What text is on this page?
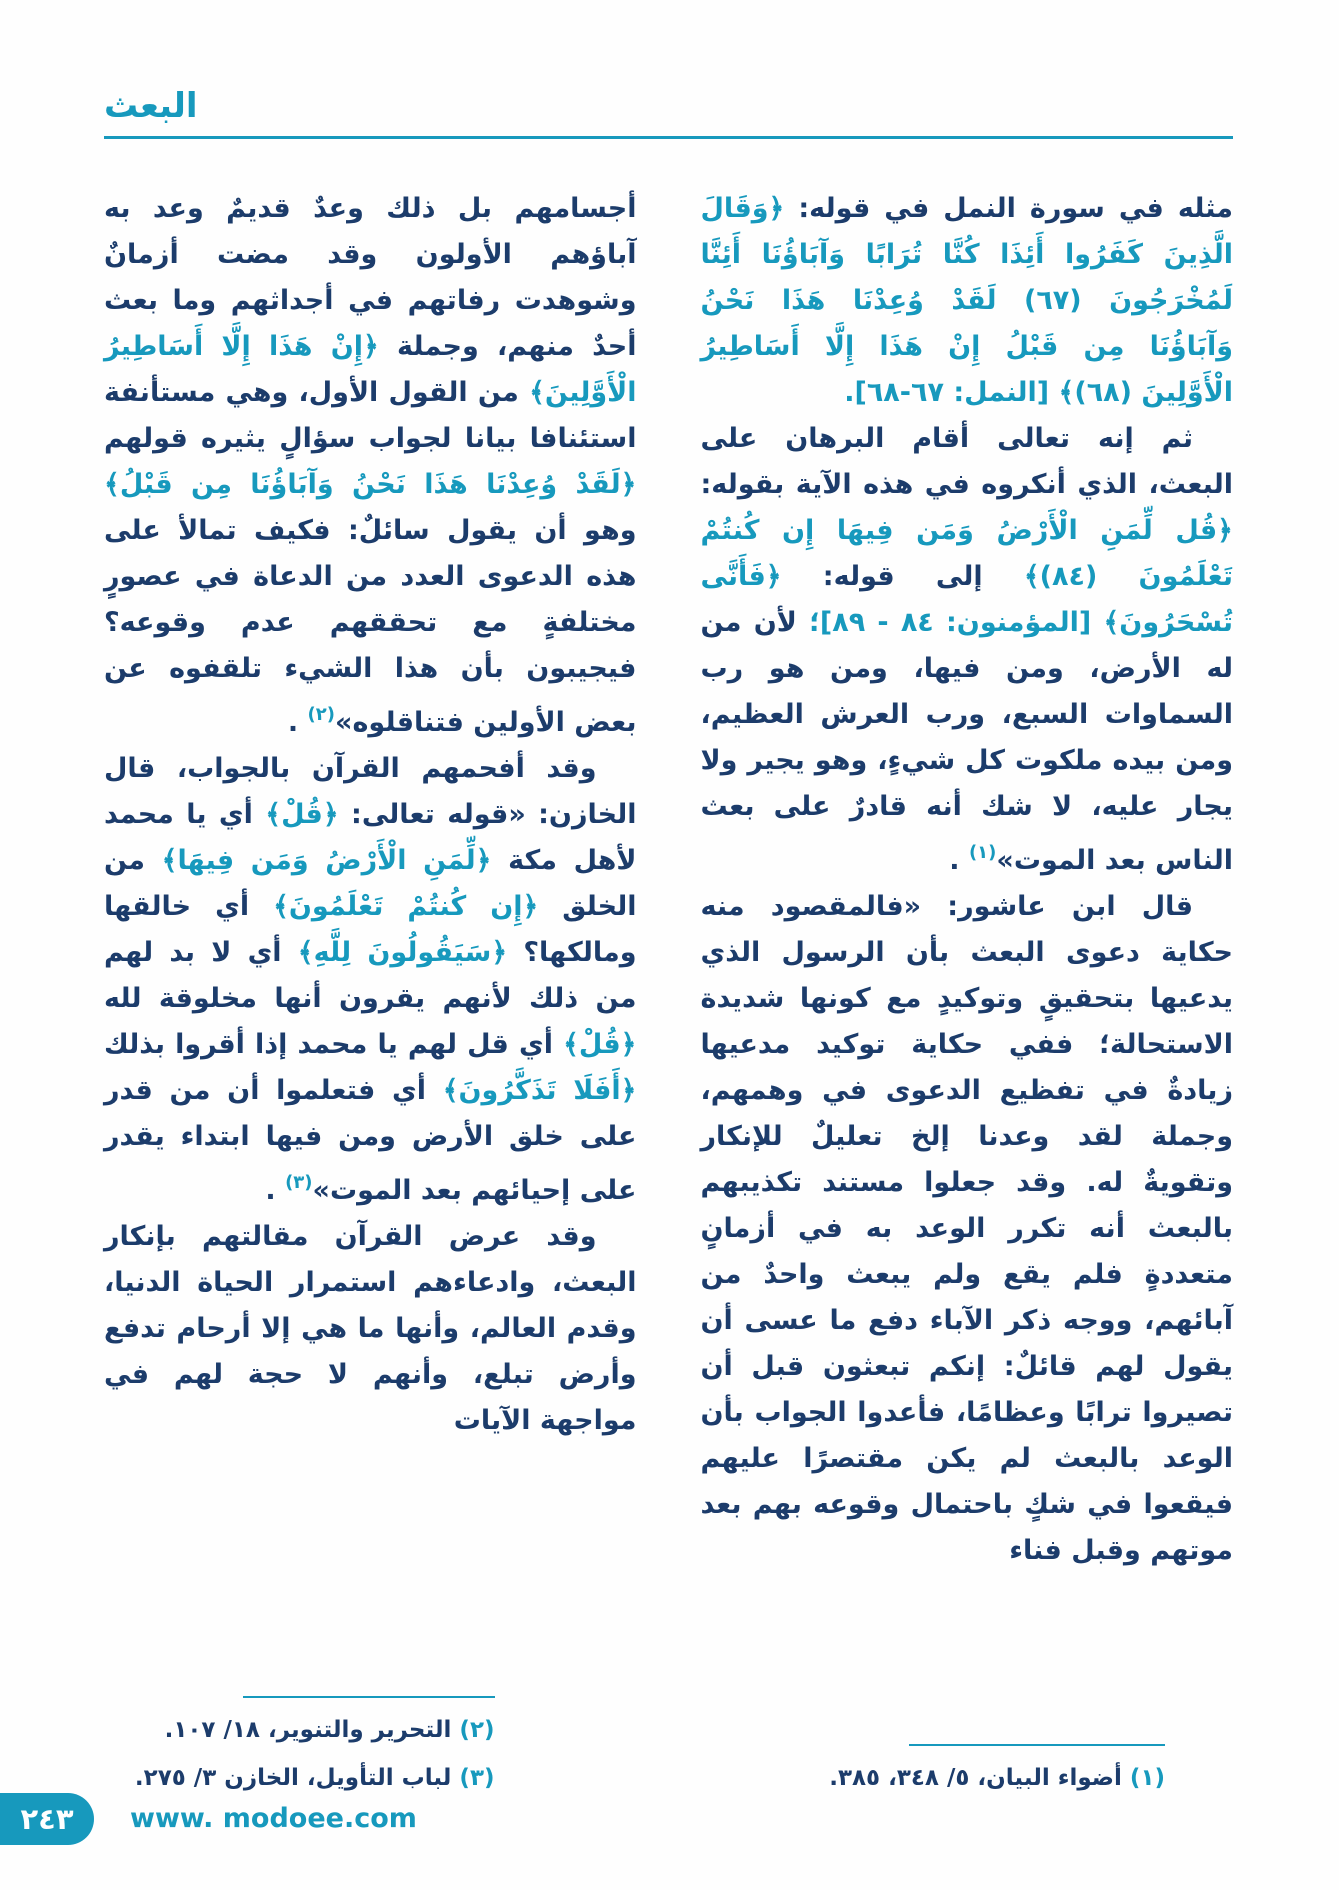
البعث

مثله في سورة النمل في قوله: ﴿وَقَالَ الَّذِينَ كَفَرُوا أَئِذَا كُنَّا تُرَابًا وَآبَاؤُنَا أَئِنَّا لَمُخْرَجُونَ (٦٧) لَقَدْ وُعِدْنَا هَذَا نَحْنُ وَآبَاؤُنَا مِن قَبْلُ إِنْ هَذَا إِلَّا أَسَاطِيرُ الْأَوَّلِينَ (٦٨)﴾ [النمل: ٦٧-٦٨].

ثم إنه تعالى أقام البرهان على البعث، الذي أنكروه في هذه الآية بقوله: ﴿قُل لِّمَنِ الْأَرْضُ وَمَن فِيهَا إِن كُنتُمْ تَعْلَمُونَ (٨٤)﴾ إلى قوله: ﴿فَأَنَّى تُسْحَرُونَ﴾ [المؤمنون: ٨٤ - ٨٩]؛ لأن من له الأرض، ومن فيها، ومن هو رب السماوات السبع، ورب العرش العظيم، ومن بيده ملكوت كل شيءٍ، وهو يجير ولا يجار عليه، لا شك أنه قادرٌ على بعث الناس بعد الموت»$^{(١)}$ .

قال ابن عاشور: «فالمقصود منه حكاية دعوى البعث بأن الرسول الذي يدعيها بتحقيقٍ وتوكيدٍ مع كونها شديدة الاستحالة؛ ففي حكاية توكيد مدعيها زيادةٌ في تفظيع الدعوى في وهمهم، وجملة لقد وعدنا إلخ تعليلٌ للإنكار وتقويةٌ له. وقد جعلوا مستند تكذيبهم بالبعث أنه تكرر الوعد به في أزمانٍ متعددةٍ فلم يقع ولم يبعث واحدٌ من آبائهم، ووجه ذكر الآباء دفع ما عسى أن يقول لهم قائلٌ: إنكم تبعثون قبل أن تصيروا ترابًا وعظامًا، فأعدوا الجواب بأن الوعد بالبعث لم يكن مقتصرًا عليهم فيقعوا في شكٍ باحتمال وقوعه بهم بعد موتهم وقبل فناء

(١) أضواء البيان، ٥/ ٣٤٨، ٣٨٥.

أجسامهم بل ذلك وعدٌ قديمٌ وعد به آباؤهم الأولون وقد مضت أزمانٌ وشوهدت رفاتهم في أجداثهم وما بعث أحدٌ منهم، وجملة ﴿إِنْ هَذَا إِلَّا أَسَاطِيرُ الْأَوَّلِينَ﴾ من القول الأول، وهي مستأنفة استئنافا بيانا لجواب سؤالٍ يثيره قولهم ﴿لَقَدْ وُعِدْنَا هَذَا نَحْنُ وَآبَاؤُنَا مِن قَبْلُ﴾ وهو أن يقول سائلٌ: فكيف تمالأ على هذه الدعوى العدد من الدعاة في عصورٍ مختلفةٍ مع تحققهم عدم وقوعه؟ فيجيبون بأن هذا الشيء تلقفوه عن بعض الأولين فتناقلوه»$^{(٢)}$ .

وقد أفحمهم القرآن بالجواب، قال الخازن: «قوله تعالى: ﴿قُلْ﴾ أي يا محمد لأهل مكة ﴿لِّمَنِ الْأَرْضُ وَمَن فِيهَا﴾ من الخلق ﴿إِن كُنتُمْ تَعْلَمُونَ﴾ أي خالقها ومالكها؟ ﴿سَيَقُولُونَ لِلَّهِ﴾ أي لا بد لهم من ذلك لأنهم يقرون أنها مخلوقة لله ﴿قُلْ﴾ أي قل لهم يا محمد إذا أقروا بذلك ﴿أَفَلَا تَذَكَّرُونَ﴾ أي فتعلموا أن من قدر على خلق الأرض ومن فيها ابتداء يقدر على إحيائهم بعد الموت»$^{(٣)}$ .

وقد عرض القرآن مقالتهم بإنكار البعث، وادعاءهم استمرار الحياة الدنيا، وقدم العالم، وأنها ما هي إلا أرحام تدفع وأرض تبلع، وأنهم لا حجة لهم في مواجهة الآيات

(٢) التحرير والتنوير، ١٨/ ١٠٧.

(٣) لباب التأويل، الخازن ٣/ ٢٧٥.

٢٤٣ www. modoee.com
